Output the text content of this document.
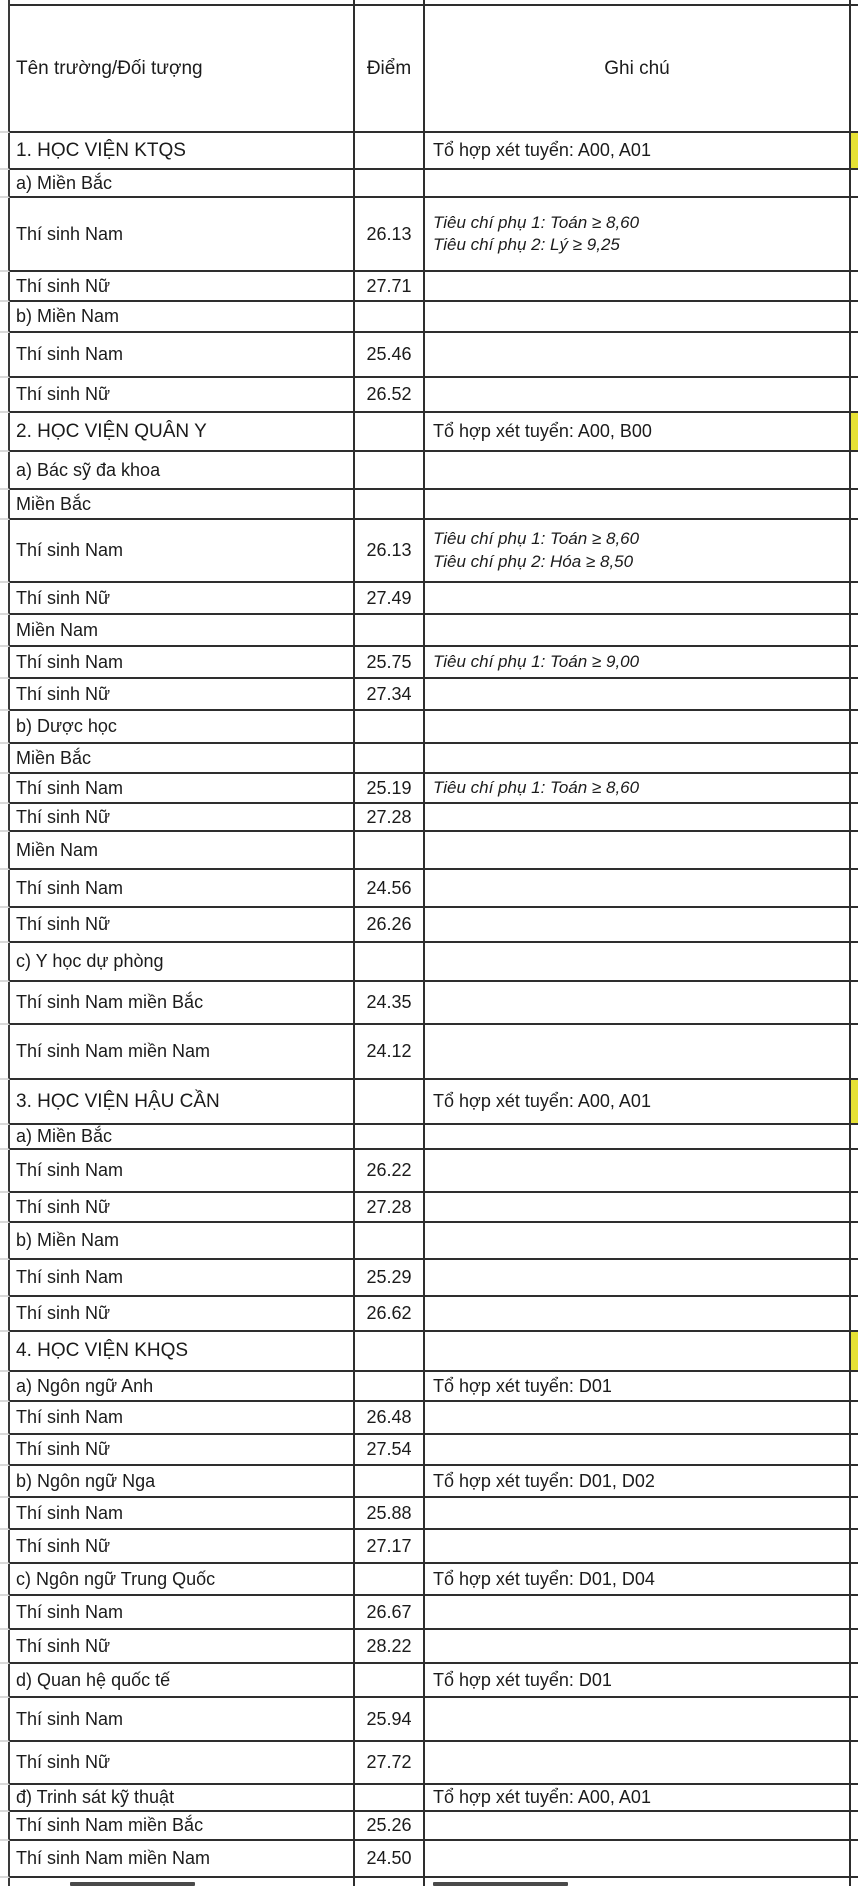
Tên trường/Đối tượng	Điểm	Ghi chú
1. HỌC VIỆN KTQS	Tổ hợp xét tuyển: A00, A01
a) Miền Bắc
Thí sinh Nam	26.13
Tiêu chí phụ 1: Toán ≥ 8,60
Tiêu chí phụ 2: Lý ≥ 9,25
Thí sinh Nữ	27.71
b) Miền Nam
Thí sinh Nam	25.46
Thí sinh Nữ	26.52
2. HỌC VIỆN QUÂN Y	Tổ hợp xét tuyển: A00, B00
a) Bác sỹ đa khoa
Miền Bắc
Thí sinh Nam	26.13
Tiêu chí phụ 1: Toán ≥ 8,60
Tiêu chí phụ 2: Hóa ≥ 8,50
Thí sinh Nữ	27.49
Miền Nam
Thí sinh Nam	25.75	Tiêu chí phụ 1: Toán ≥ 9,00
Thí sinh Nữ	27.34
b) Dược học
Miền Bắc
Thí sinh Nam	25.19	Tiêu chí phụ 1: Toán ≥ 8,60
Thí sinh Nữ	27.28
Miền Nam
Thí sinh Nam	24.56
Thí sinh Nữ	26.26
c) Y học dự phòng
Thí sinh Nam miền Bắc	24.35
Thí sinh Nam miền Nam	24.12
3. HỌC VIỆN HẬU CẦN	Tổ hợp xét tuyển: A00, A01
a) Miền Bắc
Thí sinh Nam	26.22
Thí sinh Nữ	27.28
b) Miền Nam
Thí sinh Nam	25.29
Thí sinh Nữ	26.62
4. HỌC VIỆN KHQS
a) Ngôn ngữ Anh	Tổ hợp xét tuyển: D01
Thí sinh Nam	26.48
Thí sinh Nữ	27.54
b) Ngôn ngữ Nga	Tổ hợp xét tuyển: D01, D02
Thí sinh Nam	25.88
Thí sinh Nữ	27.17
c) Ngôn ngữ Trung Quốc	Tổ hợp xét tuyển: D01, D04
Thí sinh Nam	26.67
Thí sinh Nữ	28.22
d) Quan hệ quốc tế	Tổ hợp xét tuyển: D01
Thí sinh Nam	25.94
Thí sinh Nữ	27.72
đ) Trinh sát kỹ thuật	Tổ hợp xét tuyển: A00, A01
Thí sinh Nam miền Bắc	25.26
Thí sinh Nam miền Nam	24.50
